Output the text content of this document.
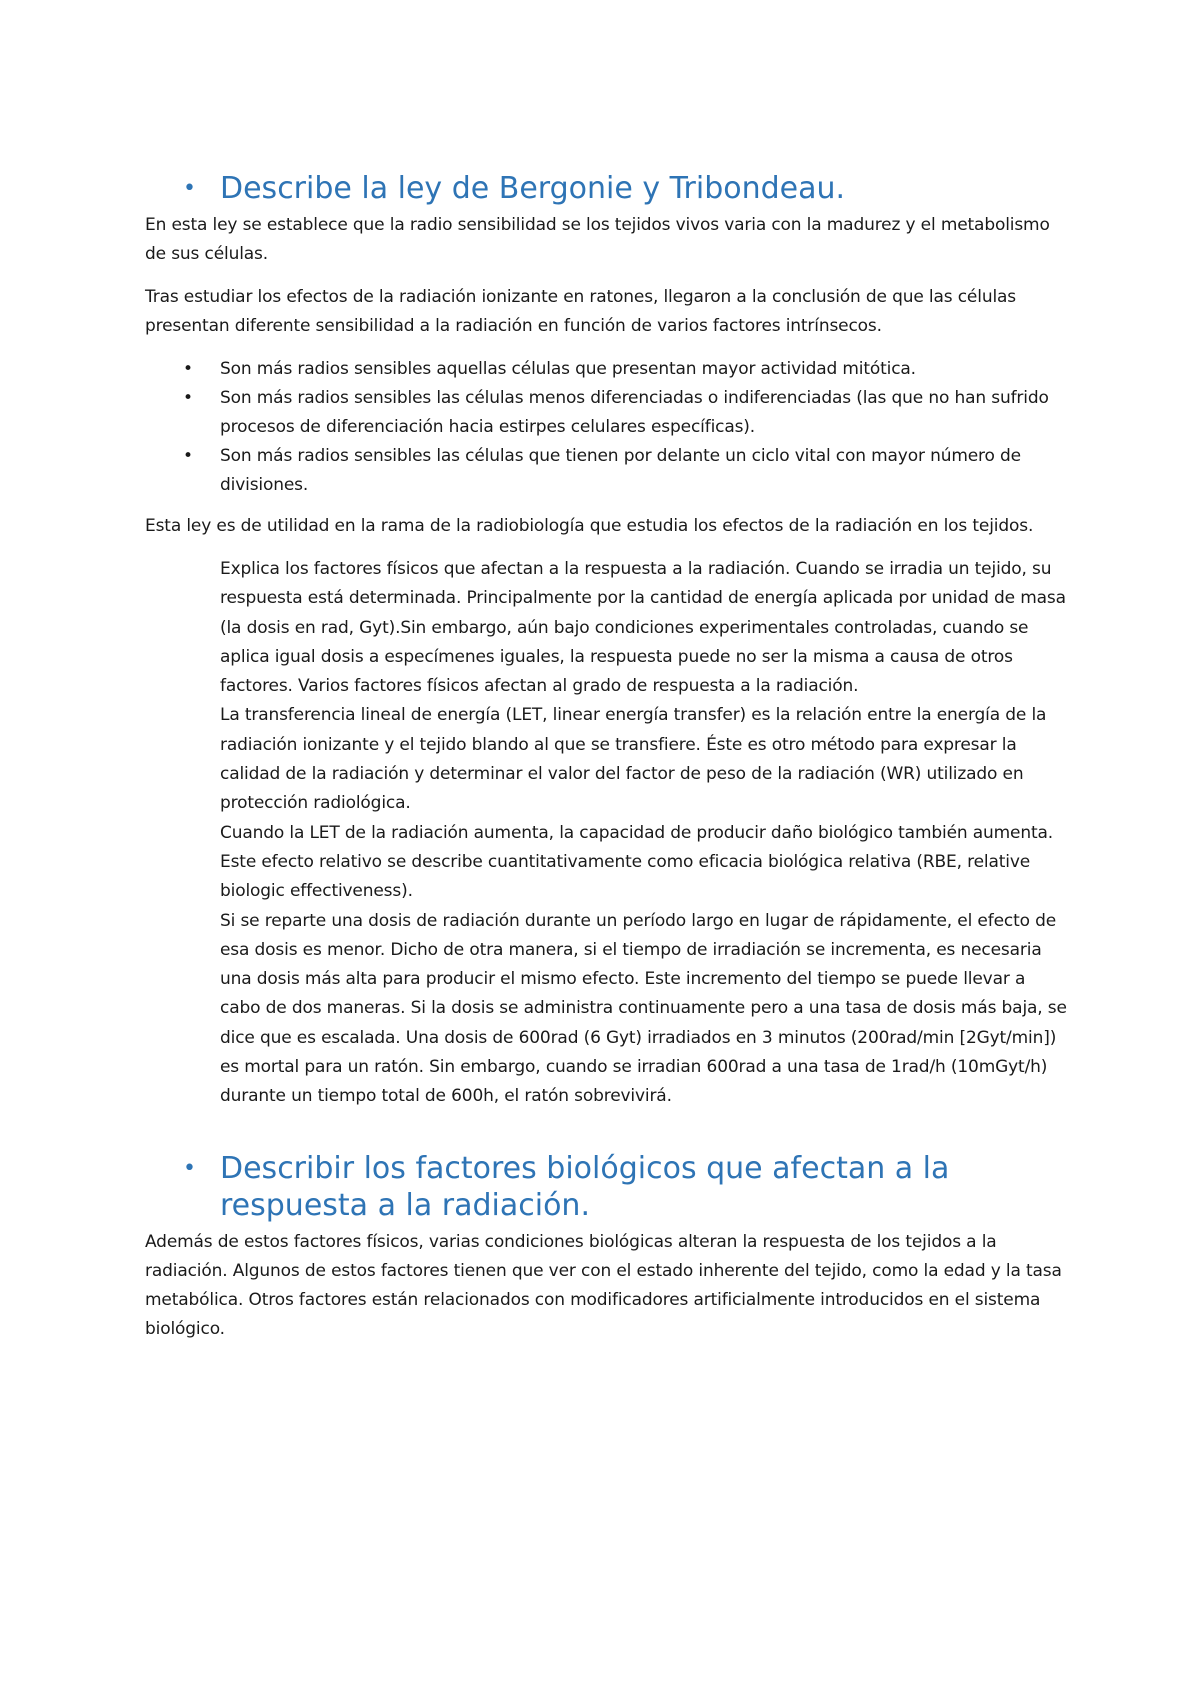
• Describe la ley de Bergonie y Tribondeau.

En esta ley se establece que la radio sensibilidad se los tejidos vivos varia con la madurez y el metabolismo de sus células.

Tras estudiar los efectos de la radiación ionizante en ratones, llegaron a la conclusión de que las células presentan diferente sensibilidad a la radiación en función de varios factores intrínsecos.

• Son más radios sensibles aquellas células que presentan mayor actividad mitótica.
• Son más radios sensibles las células menos diferenciadas o indiferenciadas (las que no han sufrido procesos de diferenciación hacia estirpes celulares específicas).
• Son más radios sensibles las células que tienen por delante un ciclo vital con mayor número de divisiones.

Esta ley es de utilidad en la rama de la radiobiología que estudia los efectos de la radiación en los tejidos.

Explica los factores físicos que afectan a la respuesta a la radiación. Cuando se irradia un tejido, su respuesta está determinada. Principalmente por la cantidad de energía aplicada por unidad de masa (la dosis en rad, Gyt).Sin embargo, aún bajo condiciones experimentales controladas, cuando se aplica igual dosis a especímenes iguales, la respuesta puede no ser la misma a causa de otros factores. Varios factores físicos afectan al grado de respuesta a la radiación.

La transferencia lineal de energía (LET, linear energía transfer) es la relación entre la energía de la radiación ionizante y el tejido blando al que se transfiere. Éste es otro método para expresar la calidad de la radiación y determinar el valor del factor de peso de la radiación (WR) utilizado en protección radiológica.

Cuando la LET de la radiación aumenta, la capacidad de producir daño biológico también aumenta. Este efecto relativo se describe cuantitativamente como eficacia biológica relativa (RBE, relative biologic effectiveness).

Si se reparte una dosis de radiación durante un período largo en lugar de rápidamente, el efecto de esa dosis es menor. Dicho de otra manera, si el tiempo de irradiación se incrementa, es necesaria una dosis más alta para producir el mismo efecto. Este incremento del tiempo se puede llevar a cabo de dos maneras. Si la dosis se administra continuamente pero a una tasa de dosis más baja, se dice que es escalada. Una dosis de 600rad (6 Gyt) irradiados en 3 minutos (200rad/min [2Gyt/min]) es mortal para un ratón. Sin embargo, cuando se irradian 600rad a una tasa de 1rad/h (10mGyt/h) durante un tiempo total de 600h, el ratón sobrevivirá.

• Describir los factores biológicos que afectan a la respuesta a la radiación.

Además de estos factores físicos, varias condiciones biológicas alteran la respuesta de los tejidos a la radiación. Algunos de estos factores tienen que ver con el estado inherente del tejido, como la edad y la tasa metabólica. Otros factores están relacionados con modificadores artificialmente introducidos en el sistema biológico.
